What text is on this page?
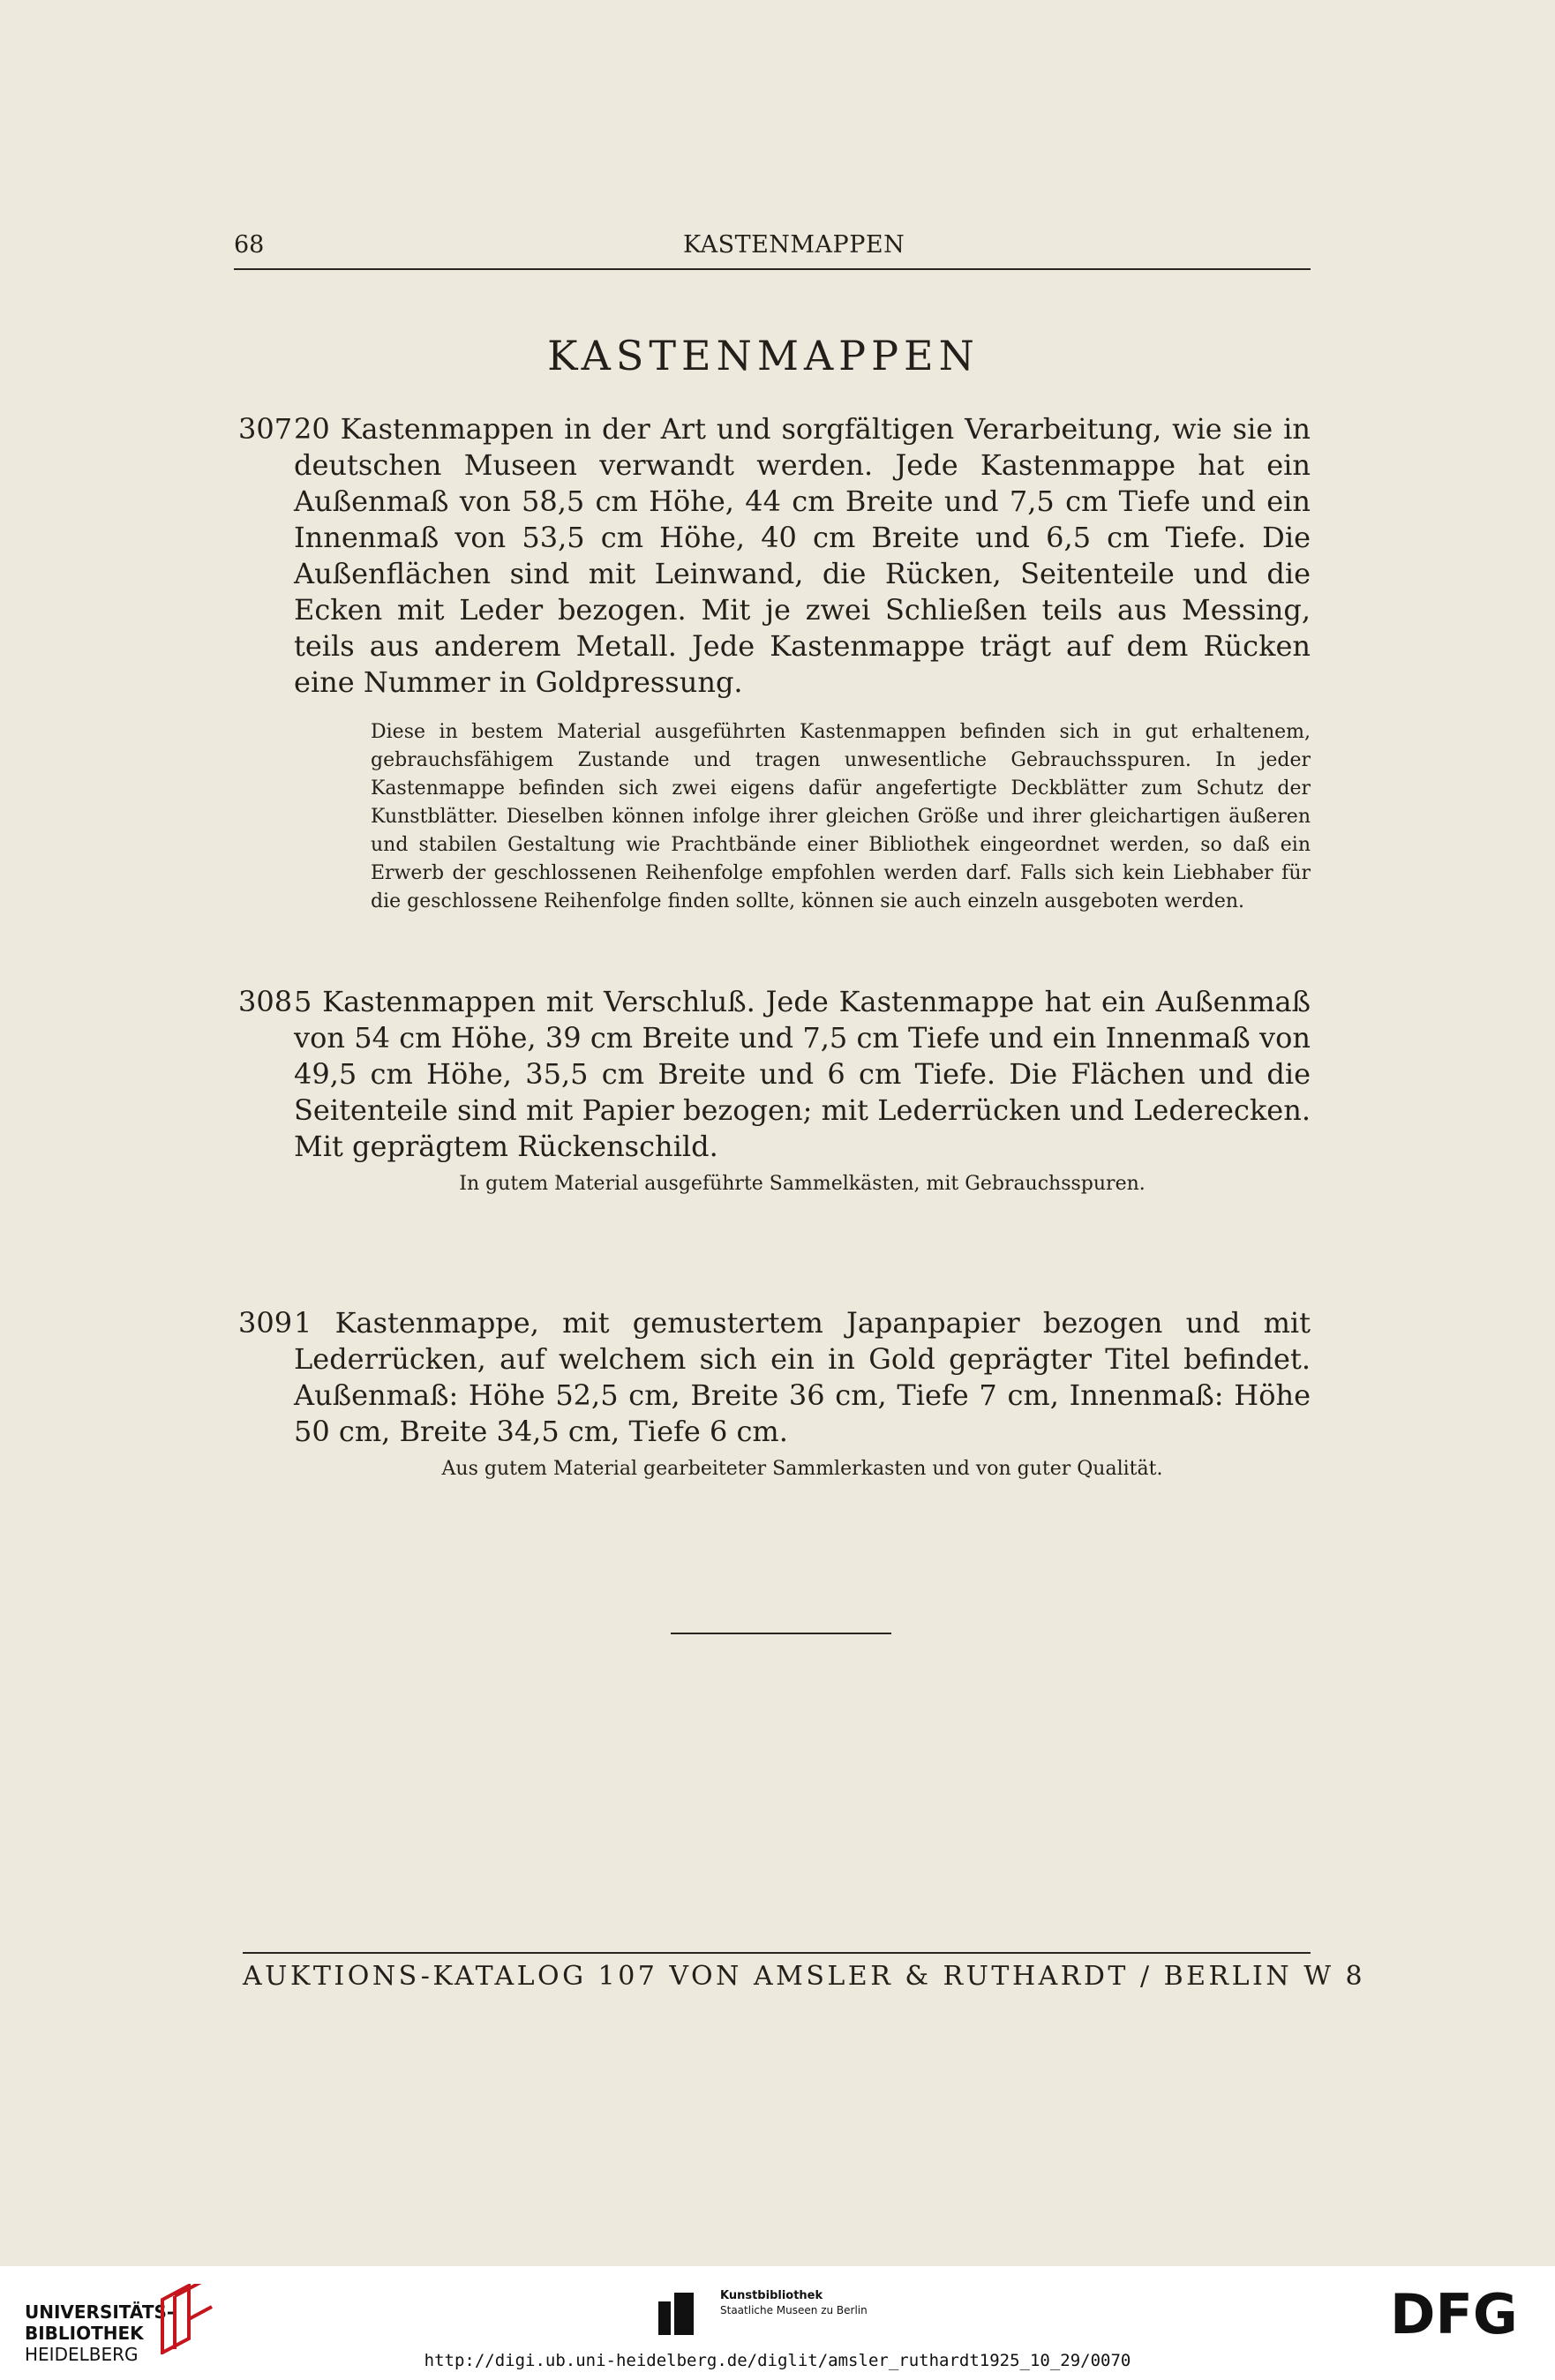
68	KASTENMAPPEN
KASTENMAPPEN
307 20 Kastenmappen in der Art und sorgfältigen Verarbeitung, wie sie in deutschen Museen verwandt werden. Jede Kastenmappe hat ein Außenmaß von 58,5 cm Höhe, 44 cm Breite und 7,5 cm Tiefe und ein Innenmaß von 53,5 cm Höhe, 40 cm Breite und 6,5 cm Tiefe. Die Außenflächen sind mit Leinwand, die Rücken, Seitenteile und die Ecken mit Leder bezogen. Mit je zwei Schließen teils aus Messing, teils aus anderem Metall. Jede Kastenmappe trägt auf dem Rücken eine Nummer in Goldpressung.
Diese in bestem Material ausgeführten Kastenmappen befinden sich in gut erhaltenem, gebrauchsfähigem Zustande und tragen unwesentliche Gebrauchsspuren. In jeder Kastenmappe befinden sich zwei eigens dafür angefertigte Deckblätter zum Schutz der Kunstblätter. Dieselben können infolge ihrer gleichen Größe und ihrer gleichartigen äußeren und stabilen Gestaltung wie Prachtbände einer Bibliothek eingeordnet werden, so daß ein Erwerb der geschlossenen Reihenfolge empfohlen werden darf. Falls sich kein Liebhaber für die geschlossene Reihenfolge finden sollte, können sie auch einzeln ausgeboten werden.
308 5 Kastenmappen mit Verschluß. Jede Kastenmappe hat ein Außenmaß von 54 cm Höhe, 39 cm Breite und 7,5 cm Tiefe und ein Innenmaß von 49,5 cm Höhe, 35,5 cm Breite und 6 cm Tiefe. Die Flächen und die Seitenteile sind mit Papier bezogen; mit Lederrücken und Lederecken. Mit geprägtem Rückenschild.
In gutem Material ausgeführte Sammelkästen, mit Gebrauchsspuren.
309 1 Kastenmappe, mit gemustertem Japanpapier bezogen und mit Lederrücken, auf welchem sich ein in Gold geprägter Titel befindet. Außenmaß: Höhe 52,5 cm, Breite 36 cm, Tiefe 7 cm, Innenmaß: Höhe 50 cm, Breite 34,5 cm, Tiefe 6 cm.
Aus gutem Material gearbeiteter Sammlerkasten und von guter Qualität.
AUKTIONS-KATALOG 107 VON AMSLER & RUTHARDT / BERLIN W 8
UNIVERSITÄTS-
BIBLIOTHEK
HEIDELBERG
Kunstbibliothek
Staatliche Museen zu Berlin	DFG
http://digi.ub.uni-heidelberg.de/diglit/amsler_ruthardt1925_10_29/0070
